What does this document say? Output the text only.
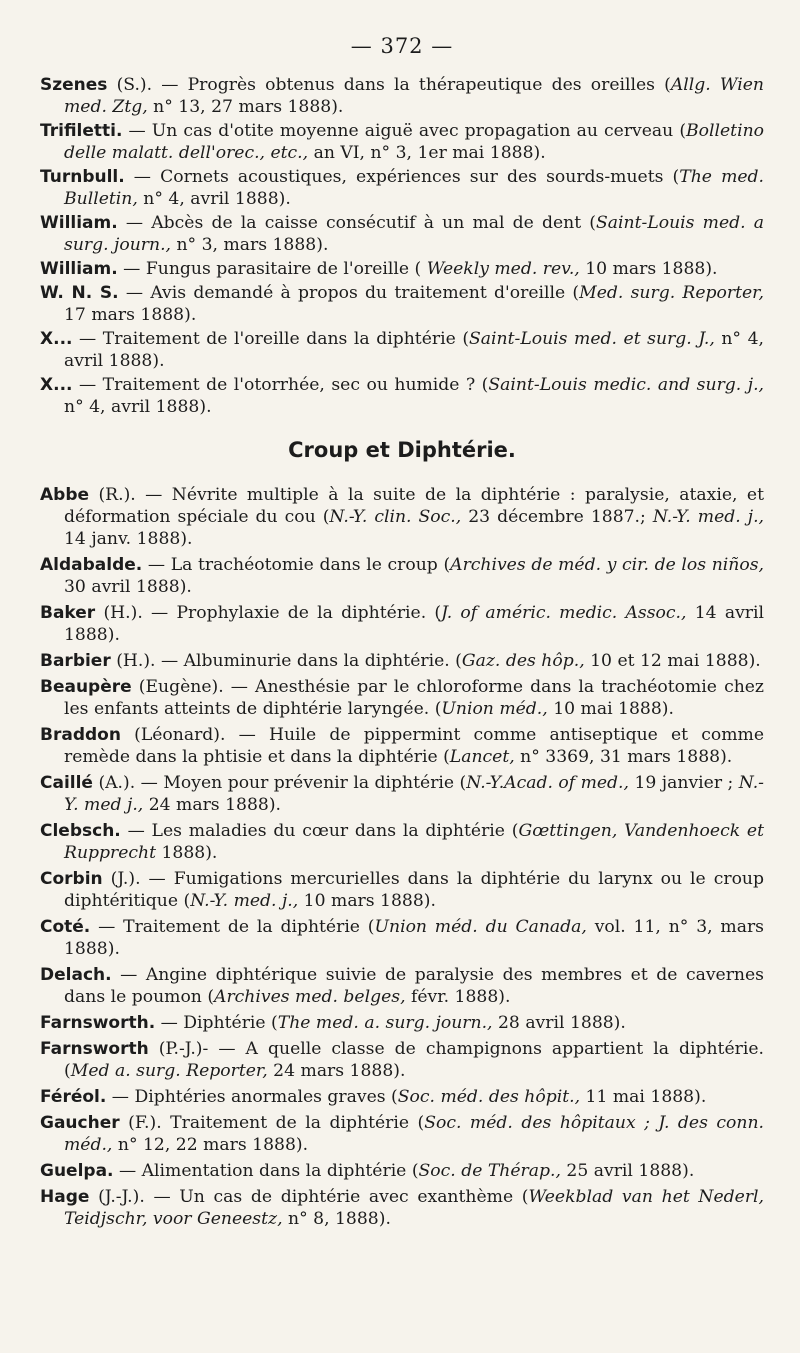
— 372 —

Szenes (S.). — Progrès obtenus dans la thérapeutique des oreilles (Allg. Wien med. Ztg, n° 13, 27 mars 1888).

Trifiletti. — Un cas d'otite moyenne aiguë avec propagation au cerveau (Bolletino delle malatt. dell'orec., etc., an VI, n° 3, 1er mai 1888).

Turnbull. — Cornets acoustiques, expériences sur des sourds-muets (The med. Bulletin, n° 4, avril 1888).

William. — Abcès de la caisse consécutif à un mal de dent (Saint-Louis med. a surg. journ., n° 3, mars 1888).

William. — Fungus parasitaire de l'oreille ( Weekly med. rev., 10 mars 1888).

W. N. S. — Avis demandé à propos du traitement d'oreille (Med. surg. Reporter, 17 mars 1888).

X... — Traitement de l'oreille dans la diphtérie (Saint-Louis med. et surg. J., n° 4, avril 1888).

X... — Traitement de l'otorrhée, sec ou humide ? (Saint-Louis medic. and surg. j., n° 4, avril 1888).

Croup et Diphtérie.

Abbe (R.). — Névrite multiple à la suite de la diphtérie : paralysie, ataxie, et déformation spéciale du cou (N.-Y. clin. Soc., 23 décembre 1887.; N.-Y. med. j., 14 janv. 1888).

Aldabalde. — La trachéotomie dans le croup (Archives de méd. y cir. de los niños, 30 avril 1888).

Baker (H.). — Prophylaxie de la diphtérie. (J. of améric. medic. Assoc., 14 avril 1888).

Barbier (H.). — Albuminurie dans la diphtérie. (Gaz. des hôp., 10 et 12 mai 1888).

Beaupère (Eugène). — Anesthésie par le chloroforme dans la trachéotomie chez les enfants atteints de diphtérie laryngée. (Union méd., 10 mai 1888).

Braddon (Léonard). — Huile de pippermint comme antiseptique et comme remède dans la phtisie et dans la diphtérie (Lancet, n° 3369, 31 mars 1888).

Caillé (A.). — Moyen pour prévenir la diphtérie (N.-Y.Acad. of med., 19 janvier ; N.-Y. med j., 24 mars 1888).

Clebsch. — Les maladies du cœur dans la diphtérie (Gœttingen, Vandenhoeck et Rupprecht 1888).

Corbin (J.). — Fumigations mercurielles dans la diphtérie du larynx ou le croup diphtéritique (N.-Y. med. j., 10 mars 1888).

Coté. — Traitement de la diphtérie (Union méd. du Canada, vol. 11, n° 3, mars 1888).

Delach. — Angine diphtérique suivie de paralysie des membres et de cavernes dans le poumon (Archives med. belges, févr. 1888).

Farnsworth. — Diphtérie (The med. a. surg. journ., 28 avril 1888).

Farnsworth (P.-J.)- — A quelle classe de champignons appartient la diphtérie. (Med a. surg. Reporter, 24 mars 1888).

Féréol. — Diphtéries anormales graves (Soc. méd. des hôpit., 11 mai 1888).

Gaucher (F.). Traitement de la diphtérie (Soc. méd. des hôpitaux ; J. des conn. méd., n° 12, 22 mars 1888).

Guelpa. — Alimentation dans la diphtérie (Soc. de Thérap., 25 avril 1888).

Hage (J.-J.). — Un cas de diphtérie avec exanthème (Weekblad van het Nederl, Teidjschr, voor Geneestz, n° 8, 1888).
